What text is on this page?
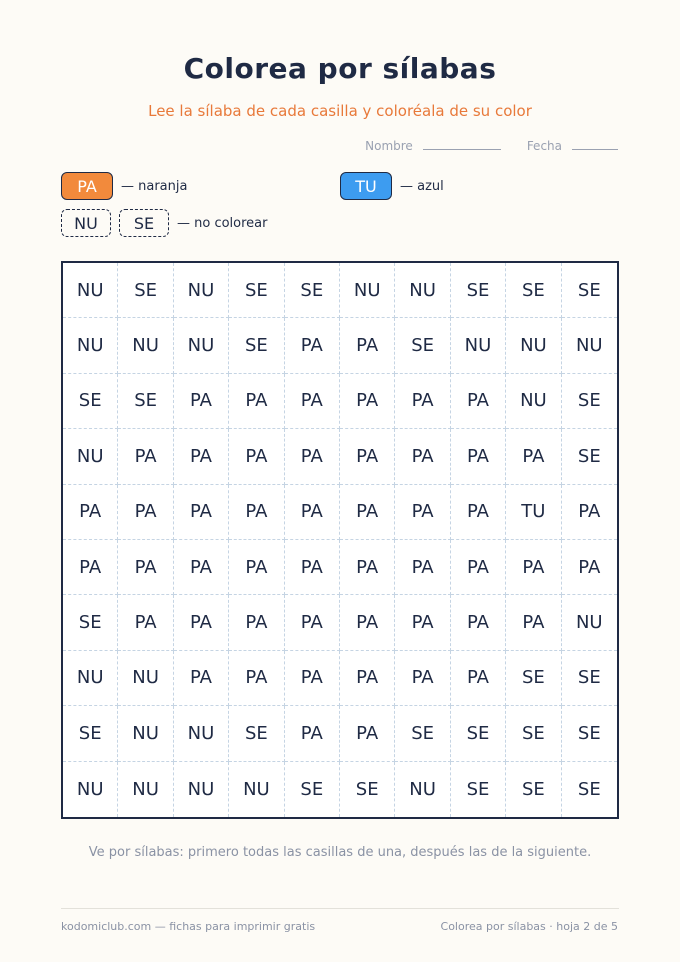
Colorea por sílabas
Lee la sílaba de cada casilla y coloréala de su color
Nombre	Fecha
PA	— naranja	TU	— azul
NU	SE	— no colorear
NU	SE	NU	SE	SE	NU	NU	SE	SE	SE
NU	NU	NU	SE	PA	PA	SE	NU	NU	NU
SE	SE	PA	PA	PA	PA	PA	PA	NU	SE
NU	PA	PA	PA	PA	PA	PA	PA	PA	SE
PA	PA	PA	PA	PA	PA	PA	PA	TU	PA
PA	PA	PA	PA	PA	PA	PA	PA	PA	PA
SE	PA	PA	PA	PA	PA	PA	PA	PA	NU
NU	NU	PA	PA	PA	PA	PA	PA	SE	SE
SE	NU	NU	SE	PA	PA	SE	SE	SE	SE
NU	NU	NU	NU	SE	SE	NU	SE	SE	SE
Ve por sílabas: primero todas las casillas de una, después las de la siguiente.
kodomiclub.com — fichas para imprimir gratis	Colorea por sílabas · hoja 2 de 5
